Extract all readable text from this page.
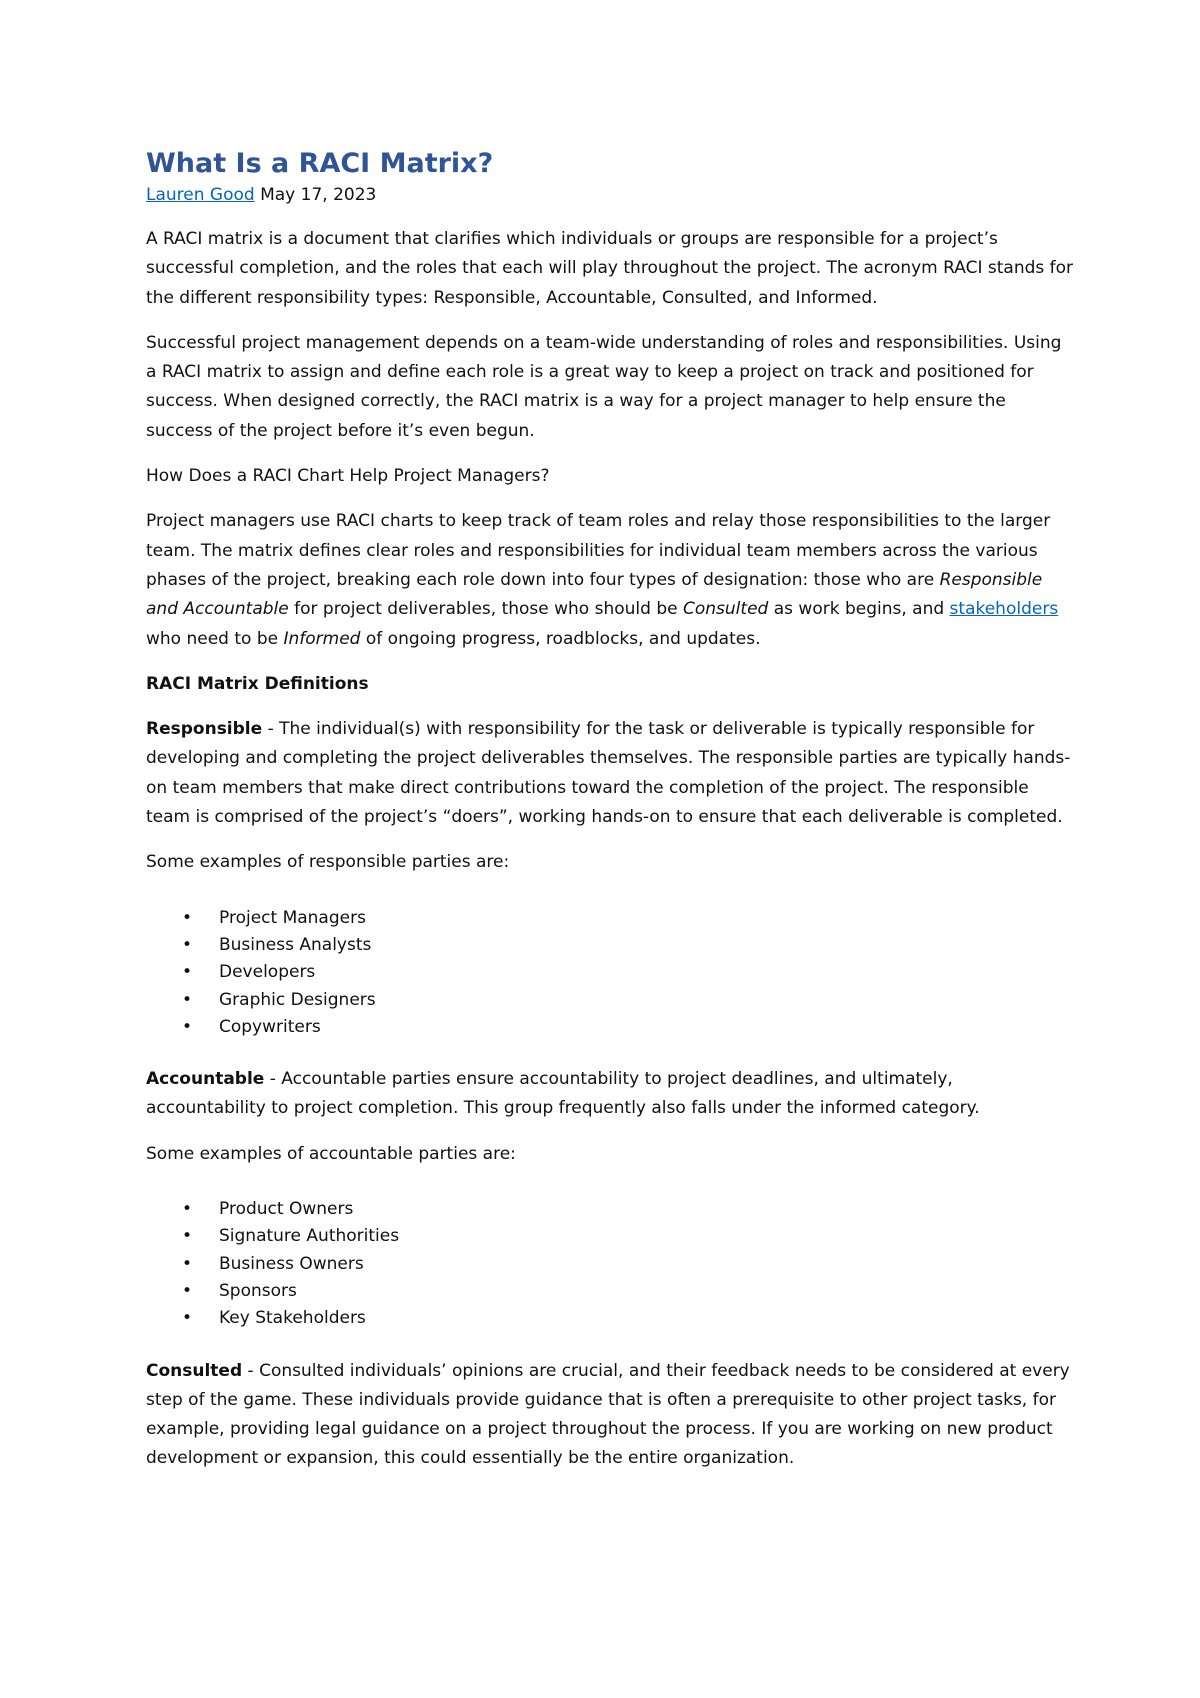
What Is a RACI Matrix?
Lauren Good May 17, 2023

A RACI matrix is a document that clarifies which individuals or groups are responsible for a project’s successful completion, and the roles that each will play throughout the project. The acronym RACI stands for the different responsibility types: Responsible, Accountable, Consulted, and Informed.

Successful project management depends on a team-wide understanding of roles and responsibilities. Using a RACI matrix to assign and define each role is a great way to keep a project on track and positioned for success. When designed correctly, the RACI matrix is a way for a project manager to help ensure the success of the project before it’s even begun.

How Does a RACI Chart Help Project Managers?

Project managers use RACI charts to keep track of team roles and relay those responsibilities to the larger team. The matrix defines clear roles and responsibilities for individual team members across the various phases of the project, breaking each role down into four types of designation: those who are Responsible and Accountable for project deliverables, those who should be Consulted as work begins, and stakeholders who need to be Informed of ongoing progress, roadblocks, and updates.

RACI Matrix Definitions

Responsible - The individual(s) with responsibility for the task or deliverable is typically responsible for developing and completing the project deliverables themselves. The responsible parties are typically hands-on team members that make direct contributions toward the completion of the project. The responsible team is comprised of the project’s “doers”, working hands-on to ensure that each deliverable is completed.

Some examples of responsible parties are:

• Project Managers
• Business Analysts
• Developers
• Graphic Designers
• Copywriters

Accountable - Accountable parties ensure accountability to project deadlines, and ultimately, accountability to project completion. This group frequently also falls under the informed category.

Some examples of accountable parties are:

• Product Owners
• Signature Authorities
• Business Owners
• Sponsors
• Key Stakeholders

Consulted - Consulted individuals’ opinions are crucial, and their feedback needs to be considered at every step of the game. These individuals provide guidance that is often a prerequisite to other project tasks, for example, providing legal guidance on a project throughout the process. If you are working on new product development or expansion, this could essentially be the entire organization.
